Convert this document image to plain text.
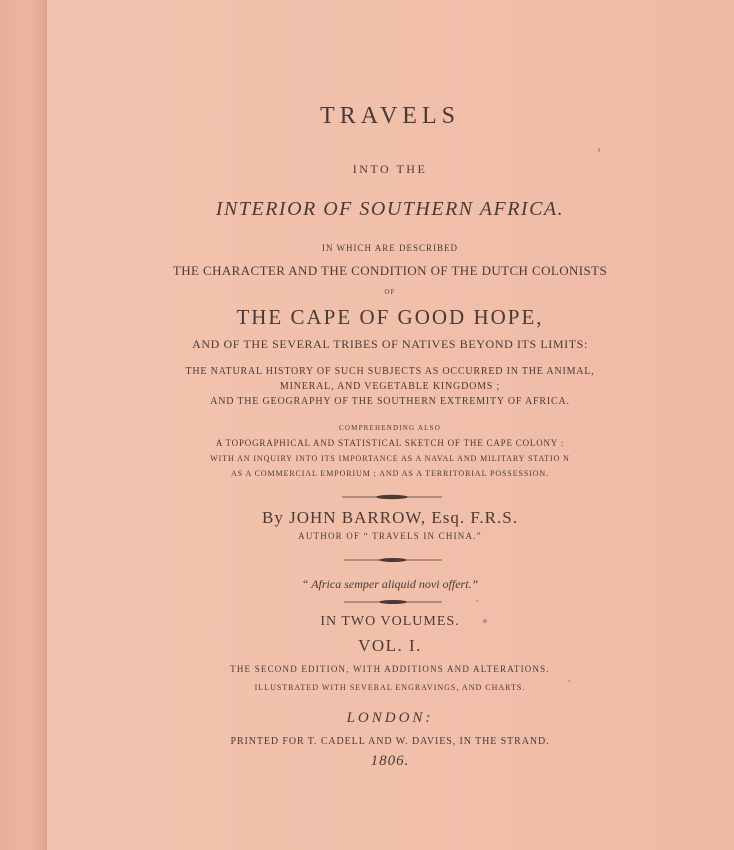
TRAVELS
INTO THE
INTERIOR OF SOUTHERN AFRICA.
IN WHICH ARE DESCRIBED
THE CHARACTER AND THE CONDITION OF THE DUTCH COLONISTS
OF
THE CAPE OF GOOD HOPE,
AND OF THE SEVERAL TRIBES OF NATIVES BEYOND ITS LIMITS:
THE NATURAL HISTORY OF SUCH SUBJECTS AS OCCURRED IN THE ANIMAL,
MINERAL, AND VEGETABLE KINGDOMS ;
AND THE GEOGRAPHY OF THE SOUTHERN EXTREMITY OF AFRICA.
COMPREHENDING ALSO
A TOPOGRAPHICAL AND STATISTICAL SKETCH OF THE CAPE COLONY :
WITH AN INQUIRY INTO ITS IMPORTANCE AS A NAVAL AND MILITARY STATIO N
AS A COMMERCIAL EMPORIUM ; AND AS A TERRITORIAL POSSESSION.
By JOHN BARROW, Esq. F.R.S.
AUTHOR OF “ TRAVELS IN CHINA.”
“ Africa semper aliquid novi offert.”
IN TWO VOLUMES.
VOL. I.
THE SECOND EDITION, WITH ADDITIONS AND ALTERATIONS.
ILLUSTRATED WITH SEVERAL ENGRAVINGS, AND CHARTS.
LONDON:
PRINTED FOR T. CADELL AND W. DAVIES, IN THE STRAND.
1806.
